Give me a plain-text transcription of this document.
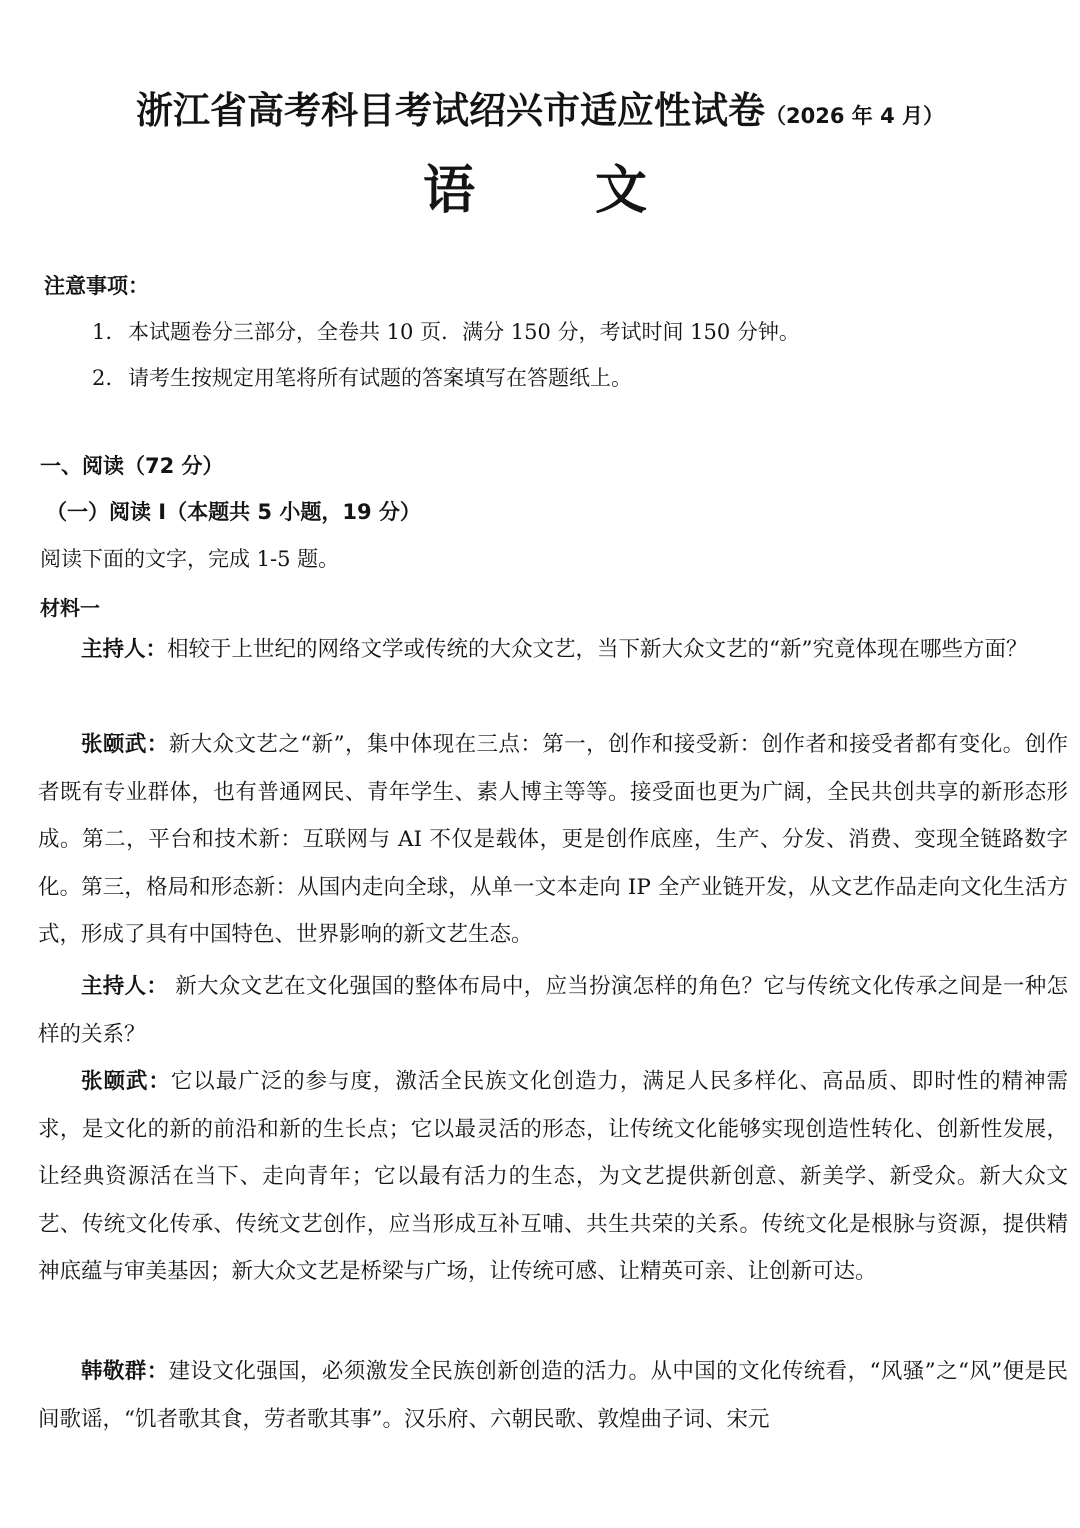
浙江省高考科目考试绍兴市适应性试卷（2026 年 4 月）
语文
注意事项：
1. 本试题卷分三部分，全卷共 10 页．满分 150 分，考试时间 150 分钟。
2. 请考生按规定用笔将所有试题的答案填写在答题纸上。
一、阅读（72 分）
（一）阅读 Ⅰ（本题共 5 小题，19 分）
阅读下面的文字，完成 1-5 题。
材料一

主持人：相较于上世纪的网络文学或传统的大众文艺，当下新大众文艺的“新”究竟体现在哪些方面？

张颐武：新大众文艺之“新”，集中体现在三点：第一，创作和接受新：创作者和接受者都有变化。创作者既有专业群体，也有普通网民、青年学生、素人博主等等。接受面也更为广阔，全民共创共享的新形态形成。第二，平台和技术新：互联网与 AI 不仅是载体，更是创作底座，生产、分发、消费、变现全链路数字化。第三，格局和形态新：从国内走向全球，从单一文本走向 IP 全产业链开发，从文艺作品走向文化生活方式，形成了具有中国特色、世界影响的新文艺生态。

主持人： 新大众文艺在文化强国的整体布局中，应当扮演怎样的角色？它与传统文化传承之间是一种怎样的关系？

张颐武：它以最广泛的参与度，激活全民族文化创造力，满足人民多样化、高品质、即时性的精神需求，是文化的新的前沿和新的生长点；它以最灵活的形态，让传统文化能够实现创造性转化、创新性发展，让经典资源活在当下、走向青年；它以最有活力的生态，为文艺提供新创意、新美学、新受众。新大众文艺、传统文化传承、传统文艺创作，应当形成互补互哺、共生共荣的关系。传统文化是根脉与资源，提供精神底蕴与审美基因；新大众文艺是桥梁与广场，让传统可感、让精英可亲、让创新可达。

韩敬群：建设文化强国，必须激发全民族创新创造的活力。从中国的文化传统看，“风骚”之“风”便是民间歌谣，“饥者歌其食，劳者歌其事”。汉乐府、六朝民歌、敦煌曲子词、宋元
